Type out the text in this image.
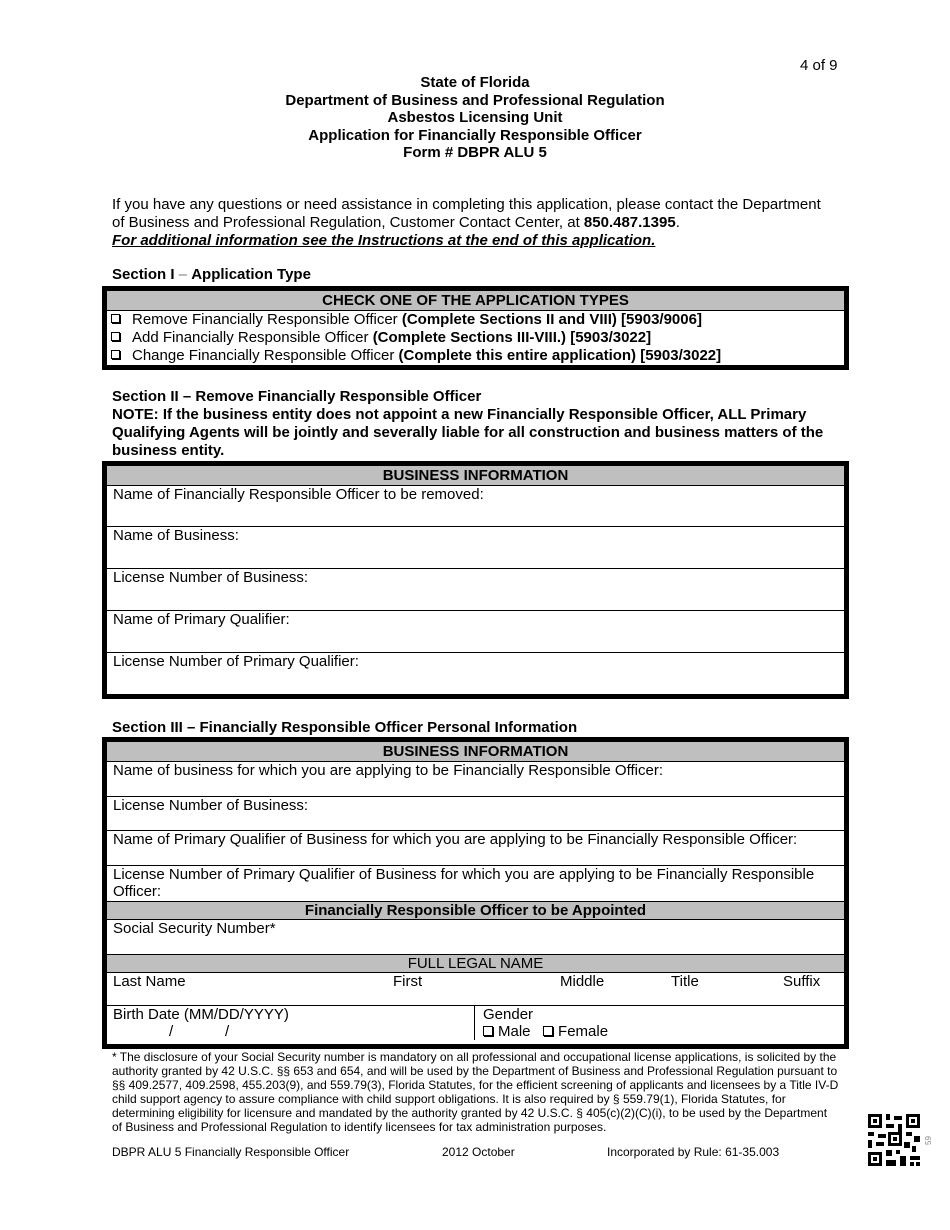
4 of 9
State of Florida
Department of Business and Professional Regulation
Asbestos Licensing Unit
Application for Financially Responsible Officer
Form # DBPR ALU 5
If you have any questions or need assistance in completing this application, please contact the Department of Business and Professional Regulation, Customer Contact Center, at 850.487.1395.
For additional information see the Instructions at the end of this application.
Section I – Application Type
CHECK ONE OF THE APPLICATION TYPES
Remove Financially Responsible Officer (Complete Sections II and VIII) [5903/9006]
Add Financially Responsible Officer (Complete Sections III-VIII.) [5903/3022]
Change Financially Responsible Officer (Complete this entire application) [5903/3022]
Section II – Remove Financially Responsible Officer
NOTE: If the business entity does not appoint a new Financially Responsible Officer, ALL Primary Qualifying Agents will be jointly and severally liable for all construction and business matters of the business entity.
BUSINESS INFORMATION
Name of Financially Responsible Officer to be removed:
Name of Business:
License Number of Business:
Name of Primary Qualifier:
License Number of Primary Qualifier:
Section III – Financially Responsible Officer Personal Information
BUSINESS INFORMATION
Name of business for which you are applying to be Financially Responsible Officer:
License Number of Business:
Name of Primary Qualifier of Business for which you are applying to be Financially Responsible Officer:
License Number of Primary Qualifier of Business for which you are applying to be Financially Responsible Officer:
Financially Responsible Officer to be Appointed
Social Security Number*
FULL LEGAL NAME
Last Name	First	Middle	Title	Suffix
Birth Date (MM/DD/YYYY)
/	/
Gender
Male Female
* The disclosure of your Social Security number is mandatory on all professional and occupational license applications, is solicited by the authority granted by 42 U.S.C. §§ 653 and 654, and will be used by the Department of Business and Professional Regulation pursuant to §§ 409.2577, 409.2598, 455.203(9), and 559.79(3), Florida Statutes, for the efficient screening of applicants and licensees by a Title IV-D child support agency to assure compliance with child support obligations. It is also required by § 559.79(1), Florida Statutes, for determining eligibility for licensure and mandated by the authority granted by 42 U.S.C. § 405(c)(2)(C)(i), to be used by the Department of Business and Professional Regulation to identify licensees for tax administration purposes.
DBPR ALU 5 Financially Responsible Officer	2012 October	Incorporated by Rule: 61-35.003
59
